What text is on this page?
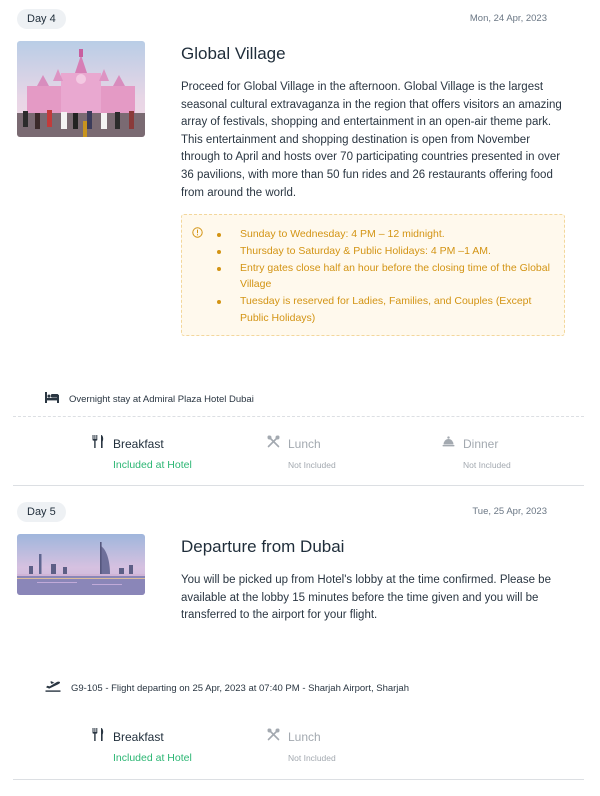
Day 4	Mon, 24 Apr, 2023
Global Village

Proceed for Global Village in the afternoon. Global Village is the largest seasonal cultural extravaganza in the region that offers visitors an amazing array of festivals, shopping and entertainment in an open-air theme park. This entertainment and shopping destination is open from November through to April and hosts over 70 participating countries presented in over 36 pavilions, with more than 50 fun rides and 26 restaurants offering food from around the world.

Sunday to Wednesday: 4 PM – 12 midnight.
Thursday to Saturday & Public Holidays: 4 PM –1 AM.
Entry gates close half an hour before the closing time of the Global Village
Tuesday is reserved for Ladies, Families, and Couples (Except Public Holidays)
Overnight stay at Admiral Plaza Hotel Dubai
Breakfast
Included at Hotel
Lunch
Not Included
Dinner
Not Included
Day 5	Tue, 25 Apr, 2023
Departure from Dubai

You will be picked up from Hotel's lobby at the time confirmed. Please be available at the lobby 15 minutes before the time given and you will be transferred to the airport for your flight.

G9-105 - Flight departing on 25 Apr, 2023 at 07:40 PM - Sharjah Airport, Sharjah
Breakfast
Included at Hotel
Lunch
Not Included
